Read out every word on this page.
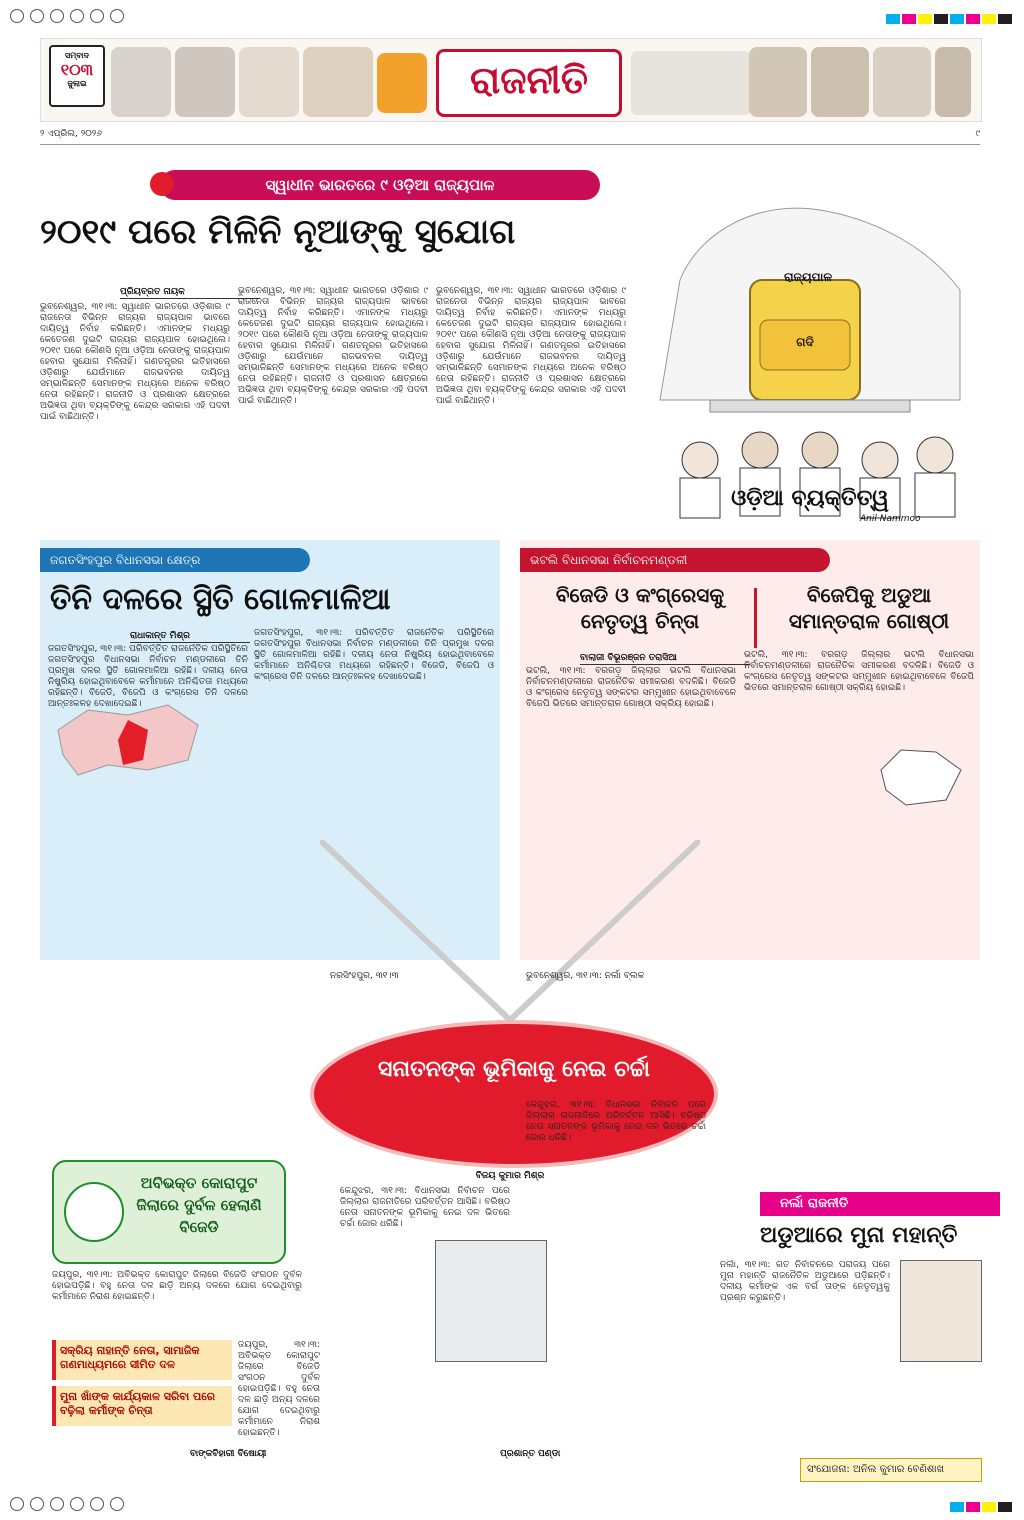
ସମ୍ବାଦ
୧୦୩
ଜୁଲାଇ	ରାଜନୀତି
୨ ଏପ୍ରିଲ, ୨୦୨୬	୯
ସ୍ୱାଧୀନ ଭାରତରେ ୯ ଓଡ଼ିଆ ରାଜ୍ୟପାଳ
୨୦୧୯ ପରେ ମିଳିନି ନୂଆଙ୍କୁ ସୁଯୋଗ
ପ୍ରିୟବ୍ରତ ନାୟକ
ଭୁବନେଶ୍ୱର, ୩୧।୩: ସ୍ୱାଧୀନ ଭାରତରେ ଓଡ଼ିଶାର ୯ ରାଜନେତା ବିଭିନ୍ନ ରାଜ୍ୟର ରାଜ୍ୟପାଳ ଭାବରେ ଦାୟିତ୍ୱ ନିର୍ବାହ କରିଛନ୍ତି। ଏମାନଙ୍କ ମଧ୍ୟରୁ କେତେଜଣ ଦୁଇଟି ରାଜ୍ୟର ରାଜ୍ୟପାଳ ହୋଇଥିଲେ। ୨୦୧୯ ପରେ କୌଣସି ନୂଆ ଓଡ଼ିଆ ନେତାଙ୍କୁ ରାଜ୍ୟପାଳ ହେବାର ସୁଯୋଗ ମିଳିନାହିଁ। ଗଣତନ୍ତ୍ରର ଇତିହାସରେ ଓଡ଼ିଶାରୁ ଯେଉଁମାନେ ରାଜଭବନର ଦାୟିତ୍ୱ ସମ୍ଭାଳିଛନ୍ତି ସେମାନଙ୍କ ମଧ୍ୟରେ ଅନେକ ବରିଷ୍ଠ ନେତା ରହିଛନ୍ତି। ରାଜନୀତି ଓ ପ୍ରଶାସନ କ୍ଷେତ୍ରରେ ଅଭିଜ୍ଞତା ଥିବା ବ୍ୟକ୍ତିଙ୍କୁ କେନ୍ଦ୍ର ସରକାର ଏହି ପଦବୀ ପାଇଁ ବାଛିଥାନ୍ତି।
ଭୁବନେଶ୍ୱର, ୩୧।୩: ସ୍ୱାଧୀନ ଭାରତରେ ଓଡ଼ିଶାର ୯ ରାଜନେତା ବିଭିନ୍ନ ରାଜ୍ୟର ରାଜ୍ୟପାଳ ଭାବରେ ଦାୟିତ୍ୱ ନିର୍ବାହ କରିଛନ୍ତି। ଏମାନଙ୍କ ମଧ୍ୟରୁ କେତେଜଣ ଦୁଇଟି ରାଜ୍ୟର ରାଜ୍ୟପାଳ ହୋଇଥିଲେ। ୨୦୧୯ ପରେ କୌଣସି ନୂଆ ଓଡ଼ିଆ ନେତାଙ୍କୁ ରାଜ୍ୟପାଳ ହେବାର ସୁଯୋଗ ମିଳିନାହିଁ। ଗଣତନ୍ତ୍ରର ଇତିହାସରେ ଓଡ଼ିଶାରୁ ଯେଉଁମାନେ ରାଜଭବନର ଦାୟିତ୍ୱ ସମ୍ଭାଳିଛନ୍ତି ସେମାନଙ୍କ ମଧ୍ୟରେ ଅନେକ ବରିଷ୍ଠ ନେତା ରହିଛନ୍ତି। ରାଜନୀତି ଓ ପ୍ରଶାସନ କ୍ଷେତ୍ରରେ ଅଭିଜ୍ଞତା ଥିବା ବ୍ୟକ୍ତିଙ୍କୁ କେନ୍ଦ୍ର ସରକାର ଏହି ପଦବୀ ପାଇଁ ବାଛିଥାନ୍ତି।
ଭୁବନେଶ୍ୱର, ୩୧।୩: ସ୍ୱାଧୀନ ଭାରତରେ ଓଡ଼ିଶାର ୯ ରାଜନେତା ବିଭିନ୍ନ ରାଜ୍ୟର ରାଜ୍ୟପାଳ ଭାବରେ ଦାୟିତ୍ୱ ନିର୍ବାହ କରିଛନ୍ତି। ଏମାନଙ୍କ ମଧ୍ୟରୁ କେତେଜଣ ଦୁଇଟି ରାଜ୍ୟର ରାଜ୍ୟପାଳ ହୋଇଥିଲେ। ୨୦୧୯ ପରେ କୌଣସି ନୂଆ ଓଡ଼ିଆ ନେତାଙ୍କୁ ରାଜ୍ୟପାଳ ହେବାର ସୁଯୋଗ ମିଳିନାହିଁ। ଗଣତନ୍ତ୍ରର ଇତିହାସରେ ଓଡ଼ିଶାରୁ ଯେଉଁମାନେ ରାଜଭବନର ଦାୟିତ୍ୱ ସମ୍ଭାଳିଛନ୍ତି ସେମାନଙ୍କ ମଧ୍ୟରେ ଅନେକ ବରିଷ୍ଠ ନେତା ରହିଛନ୍ତି। ରାଜନୀତି ଓ ପ୍ରଶାସନ କ୍ଷେତ୍ରରେ ଅଭିଜ୍ଞତା ଥିବା ବ୍ୟକ୍ତିଙ୍କୁ କେନ୍ଦ୍ର ସରକାର ଏହି ପଦବୀ ପାଇଁ ବାଛିଥାନ୍ତି।
ରାଜ୍ୟପାଳ
ଗଦି
ଓଡ଼ିଆ ବ୍ୟକ୍ତିତ୍ୱ
Anil Nammoo
ଜଗତସିଂହପୁର ବିଧାନସଭା କ୍ଷେତ୍ର
ତିନି ଦଳରେ ସ୍ଥିତି ଗୋଳମାଳିଆ
ରାଧାକାନ୍ତ ମିଶ୍ର
ଜଗତସିଂହପୁର, ୩୧।୩: ପରିବର୍ତ୍ତିତ ରାଜନୈତିକ ପରିସ୍ଥିତିରେ ଜଗତସିଂହପୁର ବିଧାନସଭା ନିର୍ବାଚନ ମଣ୍ଡଳୀରେ ତିନି ପ୍ରମୁଖ ଦଳର ସ୍ଥିତି ଗୋଳମାଳିଆ ରହିଛି। ଦଳୀୟ ନେତା ନିଷ୍କ୍ରିୟ ହୋଇଥିବାବେଳେ କର୍ମୀମାନେ ଅନିଶ୍ଚିତତା ମଧ୍ୟରେ ରହିଛନ୍ତି। ବିଜେଡି, ବିଜେପି ଓ କଂଗ୍ରେସ ତିନି ଦଳରେ ଆନ୍ତଃକଳହ ଦେଖାଦେଇଛି।
ଜଗତସିଂହପୁର, ୩୧।୩: ପରିବର୍ତ୍ତିତ ରାଜନୈତିକ ପରିସ୍ଥିତିରେ ଜଗତସିଂହପୁର ବିଧାନସଭା ନିର୍ବାଚନ ମଣ୍ଡଳୀରେ ତିନି ପ୍ରମୁଖ ଦଳର ସ୍ଥିତି ଗୋଳମାଳିଆ ରହିଛି। ଦଳୀୟ ନେତା ନିଷ୍କ୍ରିୟ ହୋଇଥିବାବେଳେ କର୍ମୀମାନେ ଅନିଶ୍ଚିତତା ମଧ୍ୟରେ ରହିଛନ୍ତି। ବିଜେଡି, ବିଜେପି ଓ କଂଗ୍ରେସ ତିନି ଦଳରେ ଆନ୍ତଃକଳହ ଦେଖାଦେଇଛି।
ଭଟଲି ବିଧାନସଭା ନିର୍ବାଚନମଣ୍ଡଳୀ
ବିଜେଡି ଓ କଂଗ୍ରେସକୁ ନେତୃତ୍ୱ ଚିନ୍ତା
ବିଜେପିକୁ ଅଡୁଆ ସମାନ୍ତରାଳ ଗୋଷ୍ଠୀ
ବାଲାଜୀ ବିଭୂରଞ୍ଜନ ତରାସିଆ
ଭଟଲି, ୩୧।୩: ବରଗଡ଼ ଜିଲ୍ଲାର ଭଟଲି ବିଧାନସଭା ନିର୍ବାଚନମଣ୍ଡଳୀରେ ରାଜନୈତିକ ସମୀକରଣ ବଦଳିଛି। ବିଜେଡି ଓ କଂଗ୍ରେସ ନେତୃତ୍ୱ ସଙ୍କଟର ସମ୍ମୁଖୀନ ହୋଇଥିବାବେଳେ ବିଜେପି ଭିତରେ ସମାନ୍ତରାଳ ଗୋଷ୍ଠୀ ସକ୍ରିୟ ହୋଇଛି।
ଭଟଲି, ୩୧।୩: ବରଗଡ଼ ଜିଲ୍ଲାର ଭଟଲି ବିଧାନସଭା ନିର୍ବାଚନମଣ୍ଡଳୀରେ ରାଜନୈତିକ ସମୀକରଣ ବଦଳିଛି। ବିଜେଡି ଓ କଂଗ୍ରେସ ନେତୃତ୍ୱ ସଙ୍କଟର ସମ୍ମୁଖୀନ ହୋଇଥିବାବେଳେ ବିଜେପି ଭିତରେ ସମାନ୍ତରାଳ ଗୋଷ୍ଠୀ ସକ୍ରିୟ ହୋଇଛି।
ସନାତନଙ୍କ ଭୂମିକାକୁ ନେଇ ଚର୍ଚ୍ଚା
ବିଜୟ କୁମାର ମିଶ୍ର
କେନ୍ଦୁଝର, ୩୧।୩: ବିଧାନସଭା ନିର୍ବାଚନ ପରେ ଜିଲ୍ଲାର ରାଜନୀତିରେ ପରିବର୍ତ୍ତନ ଆସିଛି। ବରିଷ୍ଠ ନେତା ସନାତନଙ୍କ ଭୂମିକାକୁ ନେଇ ଦଳ ଭିତରେ ଚର୍ଚ୍ଚା ଜୋର ଧରିଛି।
କେନ୍ଦୁଝର, ୩୧।୩: ବିଧାନସଭା ନିର୍ବାଚନ ପରେ ଜିଲ୍ଲାର ରାଜନୀତିରେ ପରିବର୍ତ୍ତନ ଆସିଛି। ବରିଷ୍ଠ ନେତା ସନାତନଙ୍କ ଭୂମିକାକୁ ନେଇ ଦଳ ଭିତରେ ଚର୍ଚ୍ଚା ଜୋର ଧରିଛି।
ନରସିଂହପୁର, ୩୧।୩	ଭୁବନେଶ୍ୱର, ୩୧।୩: ନର୍ଲା ବ୍ଲକ
ଅବିଭକ୍ତ କୋରାପୁଟ ଜିଲାରେ ଦୁର୍ବଳ ହେଲାଣି ବିଜେଡି
ଜୟପୁର, ୩୧।୩: ଅବିଭକ୍ତ କୋରାପୁଟ ଜିଲାରେ ବିଜେଡି ସଂଗଠନ ଦୁର୍ବଳ ହୋଇପଡ଼ିଛି। ବହୁ ନେତା ଦଳ ଛାଡ଼ି ଅନ୍ୟ ଦଳରେ ଯୋଗ ଦେଇଥିବାରୁ କର୍ମୀମାନେ ନିରାଶ ହୋଇଛନ୍ତି।
ସକ୍ରିୟ ନାହାନ୍ତି ନେତା, ସାମାଜିକ ଗଣମାଧ୍ୟମରେ ସୀମିତ ଦଳ
ମୁନା ଖାଁଙ୍କ କାର୍ଯ୍ୟକାଳ ସରିବା ପରେ ବଢ଼ିଲା କର୍ମୀଙ୍କ ଚିନ୍ତା
ଜୟପୁର, ୩୧।୩: ଅବିଭକ୍ତ କୋରାପୁଟ ଜିଲାରେ ବିଜେଡି ସଂଗଠନ ଦୁର୍ବଳ ହୋଇପଡ଼ିଛି। ବହୁ ନେତା ଦଳ ଛାଡ଼ି ଅନ୍ୟ ଦଳରେ ଯୋଗ ଦେଇଥିବାରୁ କର୍ମୀମାନେ ନିରାଶ ହୋଇଛନ୍ତି।
ବାଙ୍କବିହାରୀ ବିଷୋୟୀ
ନର୍ଲା ରାଜନୀତି
ଅଡୁଆରେ ମୁନା ମହାନ୍ତି
ନର୍ଲା, ୩୧।୩: ଗତ ନିର୍ବାଚନରେ ପରାଜୟ ପରେ ମୁନା ମହାନ୍ତି ରାଜନୈତିକ ଅଡୁଆରେ ପଡ଼ିଛନ୍ତି। ଦଳୀୟ କର୍ମୀଙ୍କ ଏକ ବର୍ଗ ତାଙ୍କ ନେତୃତ୍ୱକୁ ପ୍ରଶ୍ନ କରୁଛନ୍ତି।
ପ୍ରଶାନ୍ତ ପଣ୍ଡା
ସଂଯୋଜନା: ଅନିଲ କୁମାର ବେଣିଶାଖ
